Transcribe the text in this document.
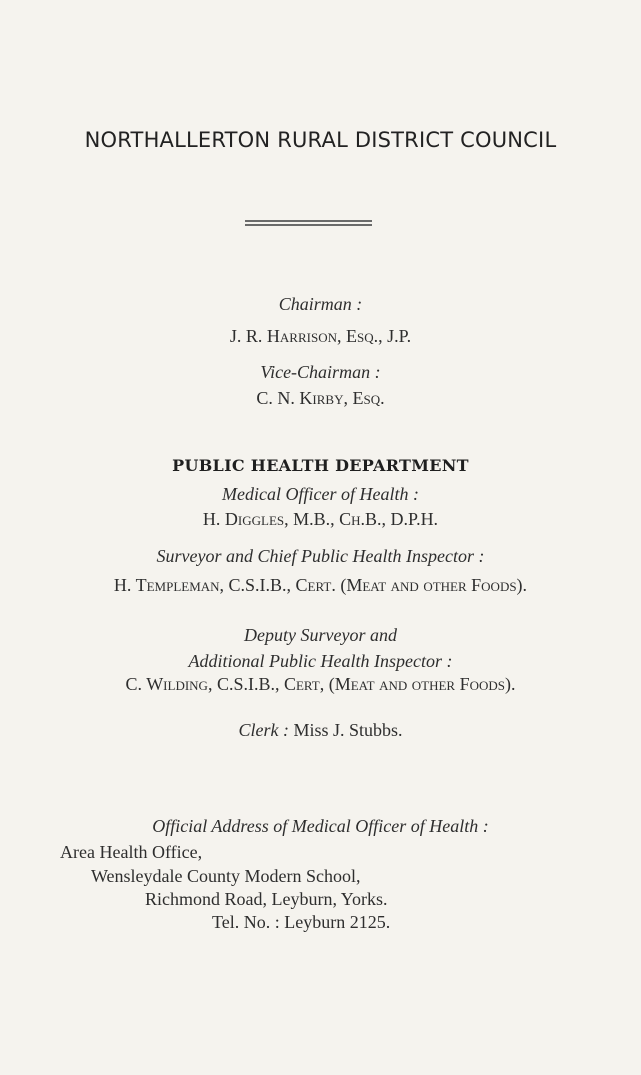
NORTHALLERTON RURAL DISTRICT COUNCIL
Chairman :
J. R. Harrison, Esq., J.P.
Vice-Chairman :
C. N. Kirby, Esq.
PUBLIC HEALTH DEPARTMENT
Medical Officer of Health :
H. Diggles, M.B., Ch.B., D.P.H.
Surveyor and Chief Public Health Inspector :
H. Templeman, C.S.I.B., Cert. (Meat and other Foods).
Deputy Surveyor and
Additional Public Health Inspector :
C. Wilding, C.S.I.B., Cert, (Meat and other Foods).
Clerk : Miss J. Stubbs.
Official Address of Medical Officer of Health :
Area Health Office,
Wensleydale County Modern School,
Richmond Road, Leyburn, Yorks.
Tel. No. : Leyburn 2125.
